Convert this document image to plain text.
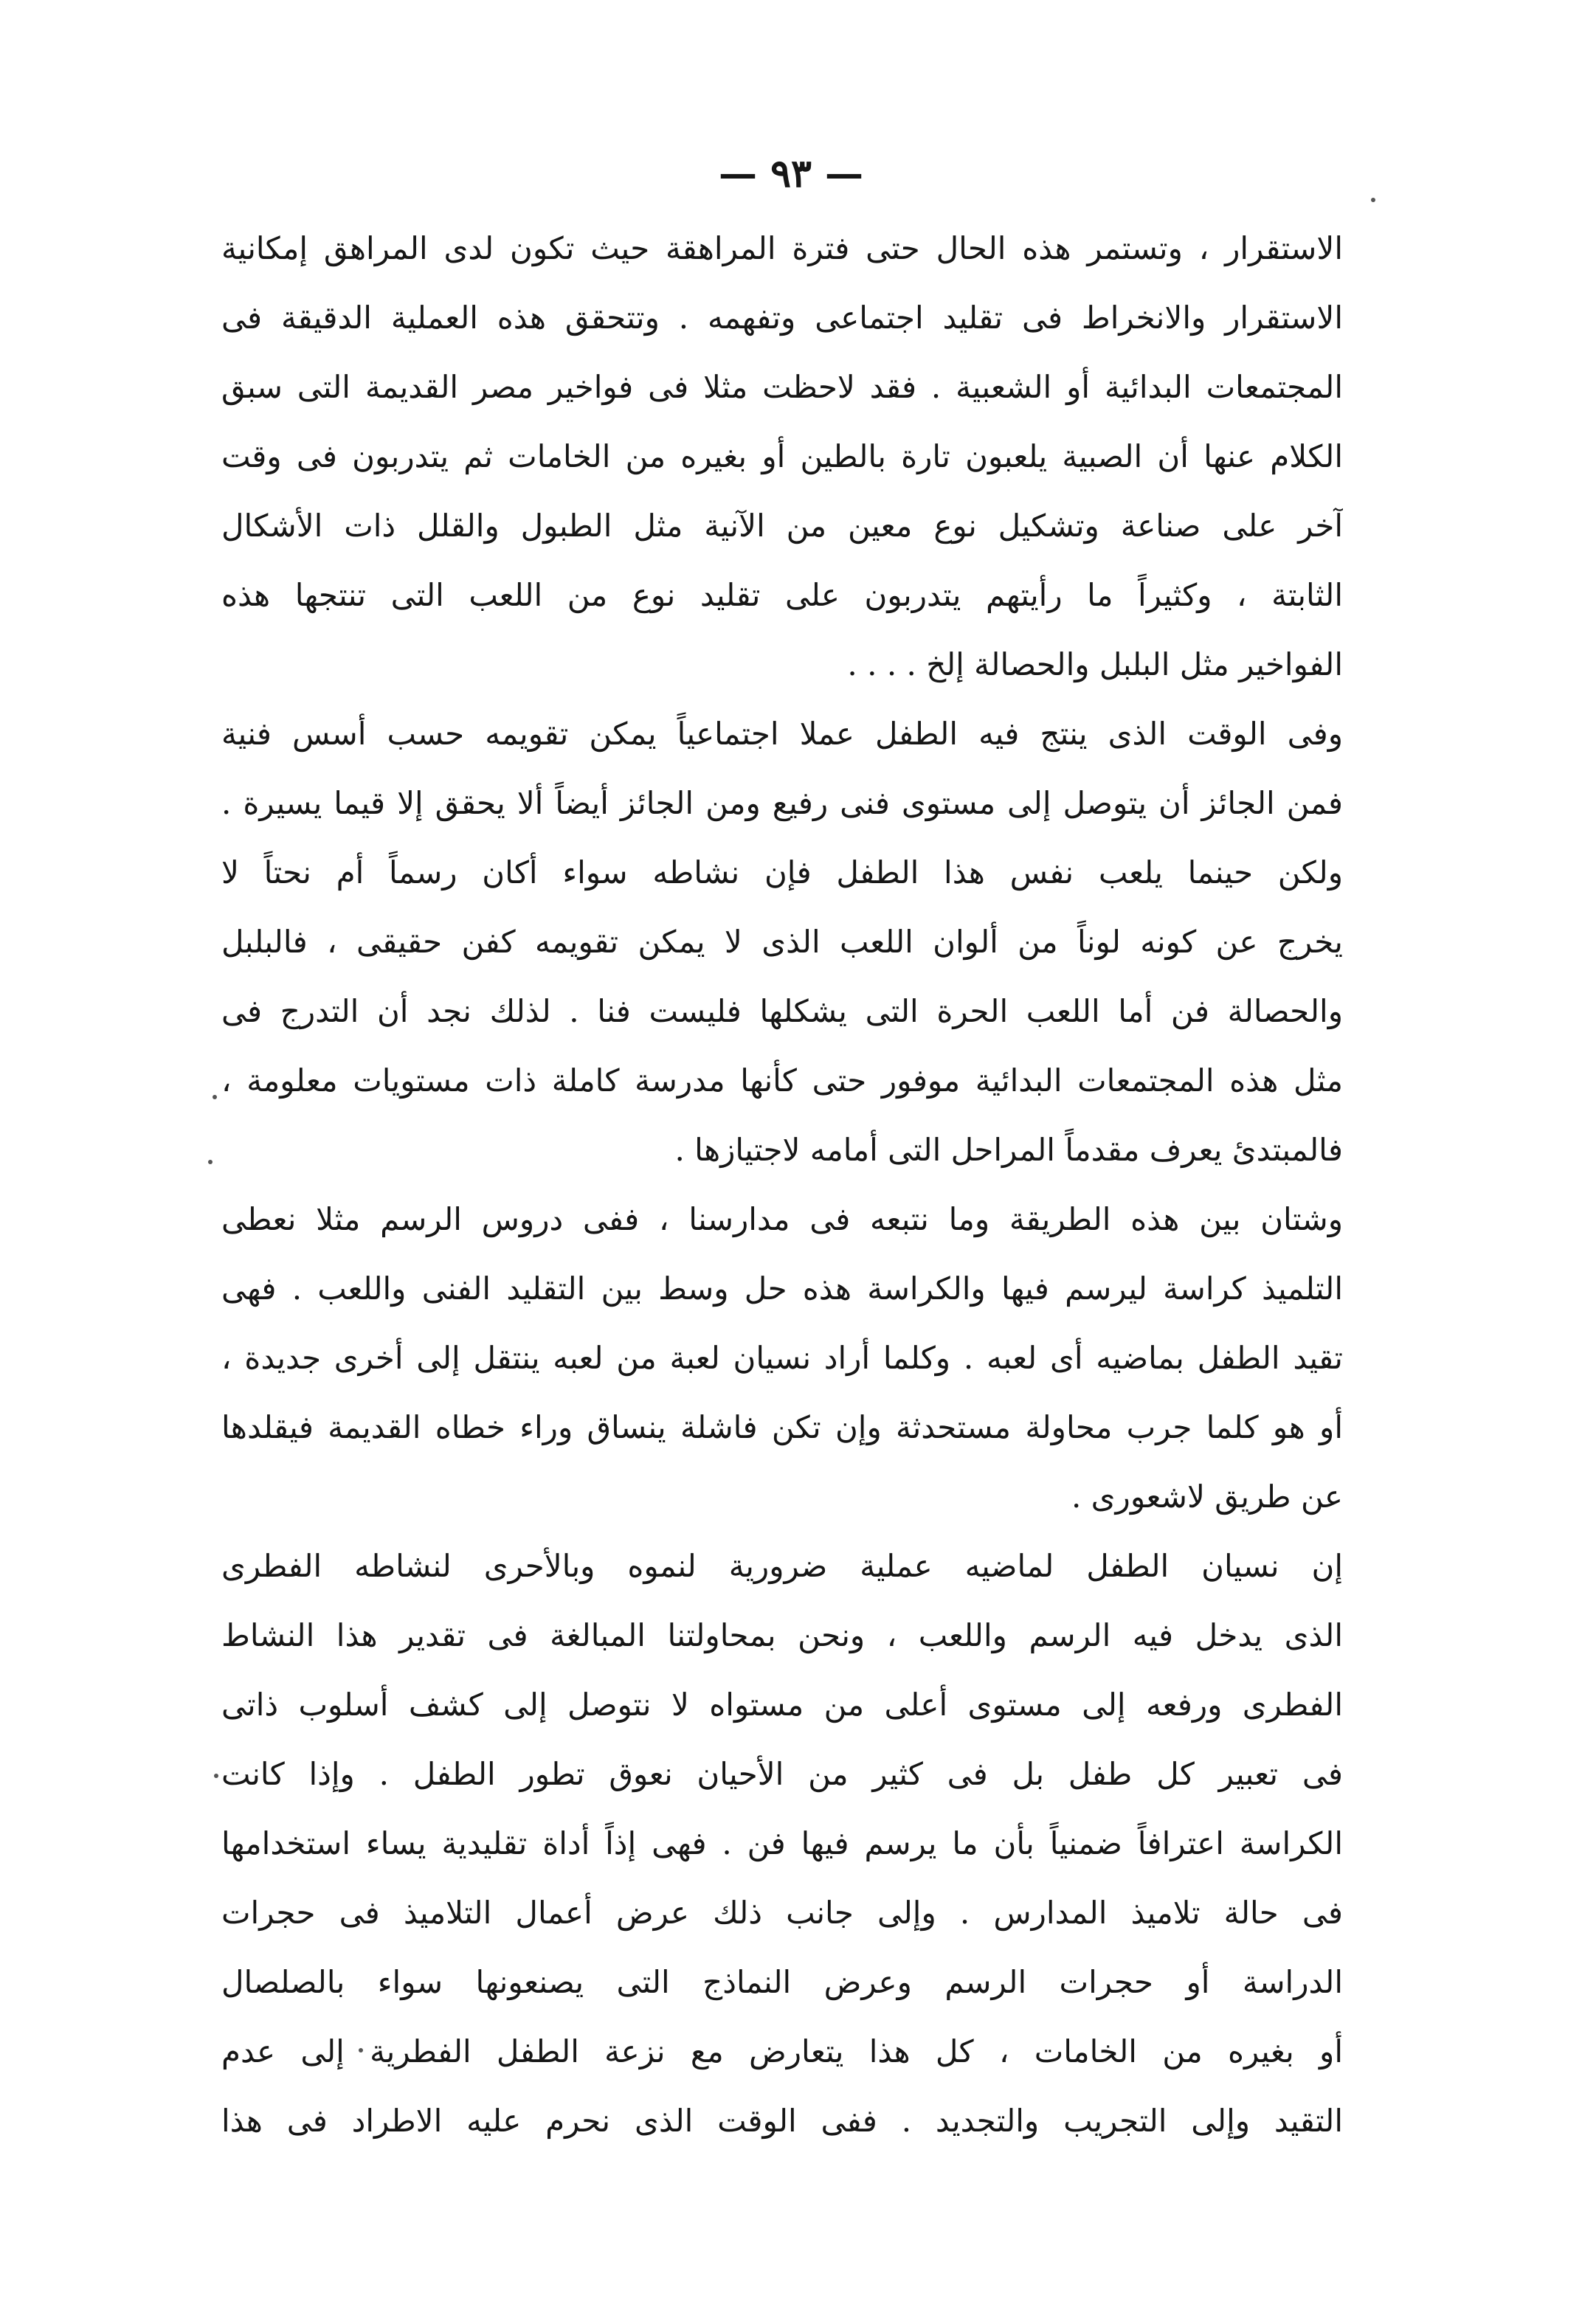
— ٩٣ —
الاستقرار ، وتستمر هذه الحال حتى فترة المراهقة حيث تكون لدى المراهق إمكانية
الاستقرار والانخراط فى تقليد اجتماعى وتفهمه . وتتحقق هذه العملية الدقيقة فى
المجتمعات البدائية أو الشعبية . فقد لاحظت مثلا فى فواخير مصر القديمة التى سبق
الكلام عنها أن الصبية يلعبون تارة بالطين أو بغيره من الخامات ثم يتدربون فى وقت
آخر على صناعة وتشكيل نوع معين من الآنية مثل الطبول والقلل ذات الأشكال
الثابتة ، وكثيراً ما رأيتهم يتدربون على تقليد نوع من اللعب التى تنتجها هذه
الفواخير مثل البلبل والحصالة إلخ . . . .
وفى الوقت الذى ينتج فيه الطفل عملا اجتماعياً يمكن تقويمه حسب أسس فنية
فمن الجائز أن يتوصل إلى مستوى فنى رفيع ومن الجائز أيضاً ألا يحقق إلا قيما يسيرة .
ولكن حينما يلعب نفس هذا الطفل فإن نشاطه سواء أكان رسماً أم نحتاً لا
يخرج عن كونه لوناً من ألوان اللعب الذى لا يمكن تقويمه كفن حقيقى ، فالبلبل
والحصالة فن أما اللعب الحرة التى يشكلها فليست فنا . لذلك نجد أن التدرج فى
مثل هذه المجتمعات البدائية موفور حتى كأنها مدرسة كاملة ذات مستويات معلومة ،
فالمبتدئ يعرف مقدماً المراحل التى أمامه لاجتيازها .
وشتان بين هذه الطريقة وما نتبعه فى مدارسنا ، ففى دروس الرسم مثلا نعطى
التلميذ كراسة ليرسم فيها والكراسة هذه حل وسط بين التقليد الفنى واللعب . فهى
تقيد الطفل بماضيه أى لعبه . وكلما أراد نسيان لعبة من لعبه ينتقل إلى أخرى جديدة ،
أو هو كلما جرب محاولة مستحدثة وإن تكن فاشلة ينساق وراء خطاه القديمة فيقلدها
عن طريق لاشعورى .
إن نسيان الطفل لماضيه عملية ضرورية لنموه وبالأحرى لنشاطه الفطرى
الذى يدخل فيه الرسم واللعب ، ونحن بمحاولتنا المبالغة فى تقدير هذا النشاط
الفطرى ورفعه إلى مستوى أعلى من مستواه لا نتوصل إلى كشف أسلوب ذاتى
فى تعبير كل طفل بل فى كثير من الأحيان نعوق تطور الطفل . وإذا كانت
الكراسة اعترافاً ضمنياً بأن ما يرسم فيها فن . فهى إذاً أداة تقليدية يساء استخدامها
فى حالة تلاميذ المدارس . وإلى جانب ذلك عرض أعمال التلاميذ فى حجرات
الدراسة أو حجرات الرسم وعرض النماذج التى يصنعونها سواء بالصلصال
أو بغيره من الخامات ، كل هذا يتعارض مع نزعة الطفل الفطرية إلى عدم
التقيد وإلى التجريب والتجديد . ففى الوقت الذى نحرم عليه الاطراد فى هذا
